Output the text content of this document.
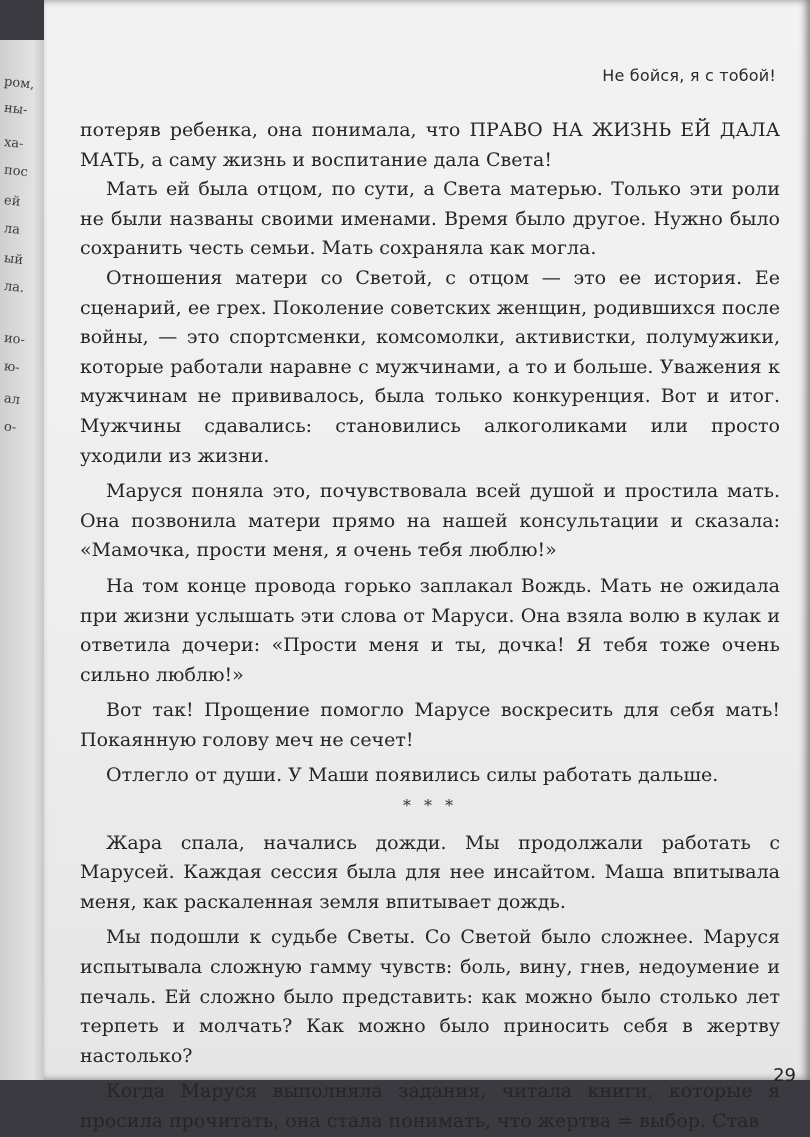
ром,
ны-
ха-
пос
ей
ла
ый
ла.
ио-
ю-
ал
о-
Не бойся, я с тобой!

потеряв ребенка, она понимала, что ПРАВО НА ЖИЗНЬ ЕЙ ДАЛА МАТЬ, а саму жизнь и воспитание дала Света!

Мать ей была отцом, по сути, а Света матерью. Только эти роли не были названы своими именами. Время было другое. Нужно было сохранить честь семьи. Мать сохраняла как могла.

Отношения матери со Светой, с отцом — это ее история. Ее сценарий, ее грех. Поколение советских женщин, родившихся после войны, — это спортсменки, комсомолки, активистки, полумужики, которые работали наравне с мужчинами, а то и больше. Уважения к мужчинам не прививалось, была только конкуренция. Вот и итог. Мужчины сдавались: становились алкоголиками или просто уходили из жизни.

Маруся поняла это, почувствовала всей душой и простила мать. Она позвонила матери прямо на нашей консультации и сказала: «Мамочка, прости меня, я очень тебя люблю!»

На том конце провода горько заплакал Вождь. Мать не ожидала при жизни услышать эти слова от Маруси. Она взяла волю в кулак и ответила дочери: «Прости меня и ты, дочка! Я тебя тоже очень сильно люблю!»

Вот так! Прощение помогло Марусе воскресить для себя мать! Покаянную голову меч не сечет!

Отлегло от души. У Маши появились силы работать дальше.

* * *

Жара спала, начались дожди. Мы продолжали работать с Марусей. Каждая сессия была для нее инсайтом. Маша впитывала меня, как раскаленная земля впитывает дождь.

Мы подошли к судьбе Светы. Со Светой было сложнее. Маруся испытывала сложную гамму чувств: боль, вину, гнев, недоумение и печаль. Ей сложно было представить: как можно было столько лет терпеть и молчать? Как можно было приносить себя в жертву настолько?

Когда Маруся выполняла задания, читала книги, которые я просила прочитать, она стала понимать, что жертва = выбор. Став

29
